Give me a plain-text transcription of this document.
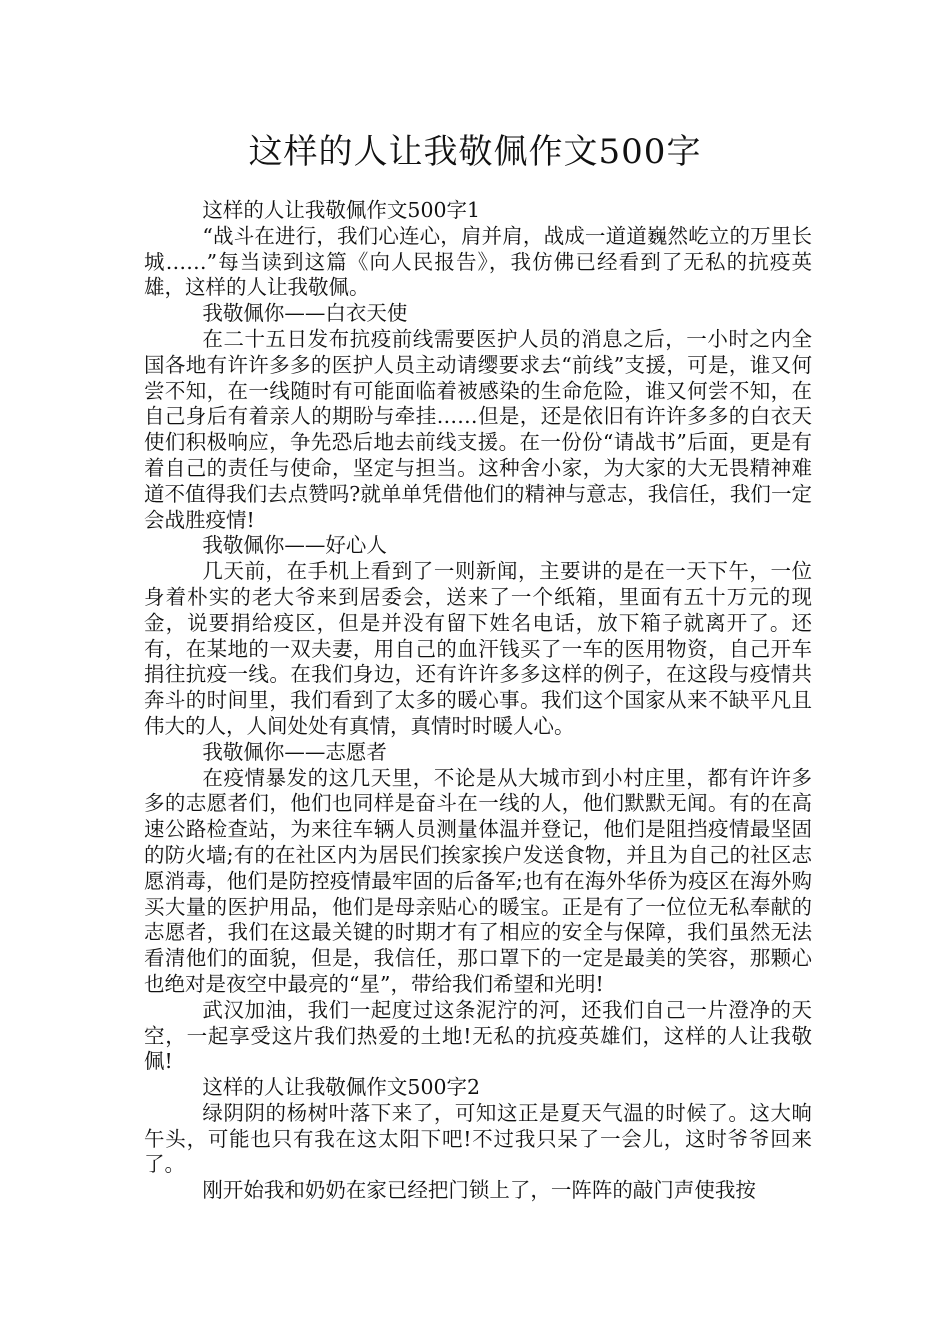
这样的人让我敬佩作文500字

这样的人让我敬佩作文500字1

“战斗在进行，我们心连心，肩并肩，战成一道道巍然屹立的万里长城……”每当读到这篇《向人民报告》，我仿佛已经看到了无私的抗疫英雄，这样的人让我敬佩。

我敬佩你——白衣天使

在二十五日发布抗疫前线需要医护人员的消息之后，一小时之内全国各地有许许多多的医护人员主动请缨要求去“前线”支援，可是，谁又何尝不知，在一线随时有可能面临着被感染的生命危险，谁又何尝不知，在自己身后有着亲人的期盼与牵挂……但是，还是依旧有许许多多的白衣天使们积极响应，争先恐后地去前线支援。在一份份“请战书”后面，更是有着自己的责任与使命，坚定与担当。这种舍小家，为大家的大无畏精神难道不值得我们去点赞吗?就单单凭借他们的精神与意志，我信任，我们一定会战胜疫情!

我敬佩你——好心人

几天前，在手机上看到了一则新闻，主要讲的是在一天下午，一位身着朴实的老大爷来到居委会，送来了一个纸箱，里面有五十万元的现金，说要捐给疫区，但是并没有留下姓名电话，放下箱子就离开了。还有，在某地的一双夫妻，用自己的血汗钱买了一车的医用物资，自己开车捐往抗疫一线。在我们身边，还有许许多多这样的例子，在这段与疫情共奔斗的时间里，我们看到了太多的暖心事。我们这个国家从来不缺平凡且伟大的人，人间处处有真情，真情时时暖人心。

我敬佩你——志愿者

在疫情暴发的这几天里，不论是从大城市到小村庄里，都有许许多多的志愿者们，他们也同样是奋斗在一线的人，他们默默无闻。有的在高速公路检查站，为来往车辆人员测量体温并登记，他们是阻挡疫情最坚固的防火墙;有的在社区内为居民们挨家挨户发送食物，并且为自己的社区志愿消毒，他们是防控疫情最牢固的后备军;也有在海外华侨为疫区在海外购买大量的医护用品，他们是母亲贴心的暖宝。正是有了一位位无私奉献的志愿者，我们在这最关键的时期才有了相应的安全与保障，我们虽然无法看清他们的面貌，但是，我信任，那口罩下的一定是最美的笑容，那颗心也绝对是夜空中最亮的“星”，带给我们希望和光明!

武汉加油，我们一起度过这条泥泞的河，还我们自己一片澄净的天空，一起享受这片我们热爱的土地!无私的抗疫英雄们，这样的人让我敬佩!

这样的人让我敬佩作文500字2

绿阴阴的杨树叶落下来了，可知这正是夏天气温的时候了。这大晌午头，可能也只有我在这太阳下吧!不过我只呆了一会儿，这时爷爷回来了。

刚开始我和奶奶在家已经把门锁上了，一阵阵的敲门声使我按
